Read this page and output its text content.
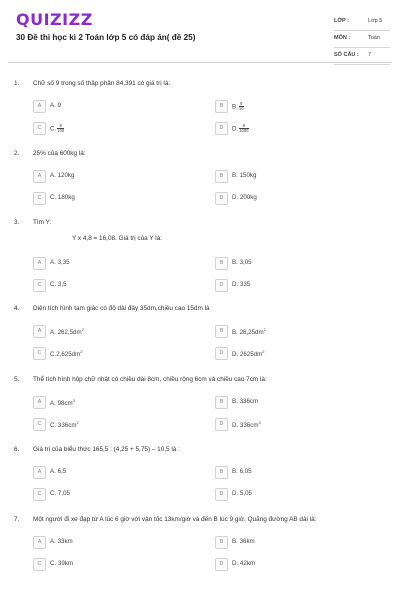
QUIZIZZ
30 Đề thi học kì 2 Toán lớp 5 có đáp án( đề 25)
LỚP :	Lớp 5
MÔN :	Toán
SỐ CÂU : 7
1. Chữ số 9 trong số thập phân 84,391 có giá trị là:
A	A. 9	B	B. $\frac{9}{10}$
C	C. $\frac{9}{100}$	D	D. $\frac{9}{1000}$
2. 25% của 600kg là:
A	A. 120kg	B	B. 150kg
C	C. 180kg	D	D. 200kg
3. Tìm Y:
Y x 4,8 = 16,08. Giá trị của Y là:
A	A. 3,35	B	B. 3,05
C	C. 3,5	D	D. 335
4. Diện tích hình tam giác có độ dài đáy 35dm,chiều cao 15dm là
A	A. $262,5dm^2$	B	B. $26,25dm^2$
C	$C.2,625dm^2$	D	D. $2625dm^2$
5. Thể tích hình hộp chữ nhật có chiều dài 8cm, chiều rộng 6cm và chiều cao 7cm là:
A	A. $98cm^3$	B	B. 336cm
C	C. $336cm^2$	D	D. $336cm^3$
6. Giá trị của biểu thức 165,5 : (4,25 + 5,75) – 10,5 là :
A	A. 6,5	B	B. 6,05
C	C. 7,05	D	D. 5,05
7. Một người đi xe đạp từ A lúc 6 giờ với vận tốc 13km/giờ và đến B lúc 9 giờ. Quãng đường AB dài là:
A	A. 33km	B	B. 36km
C	C. 39km	D	D. 42km
